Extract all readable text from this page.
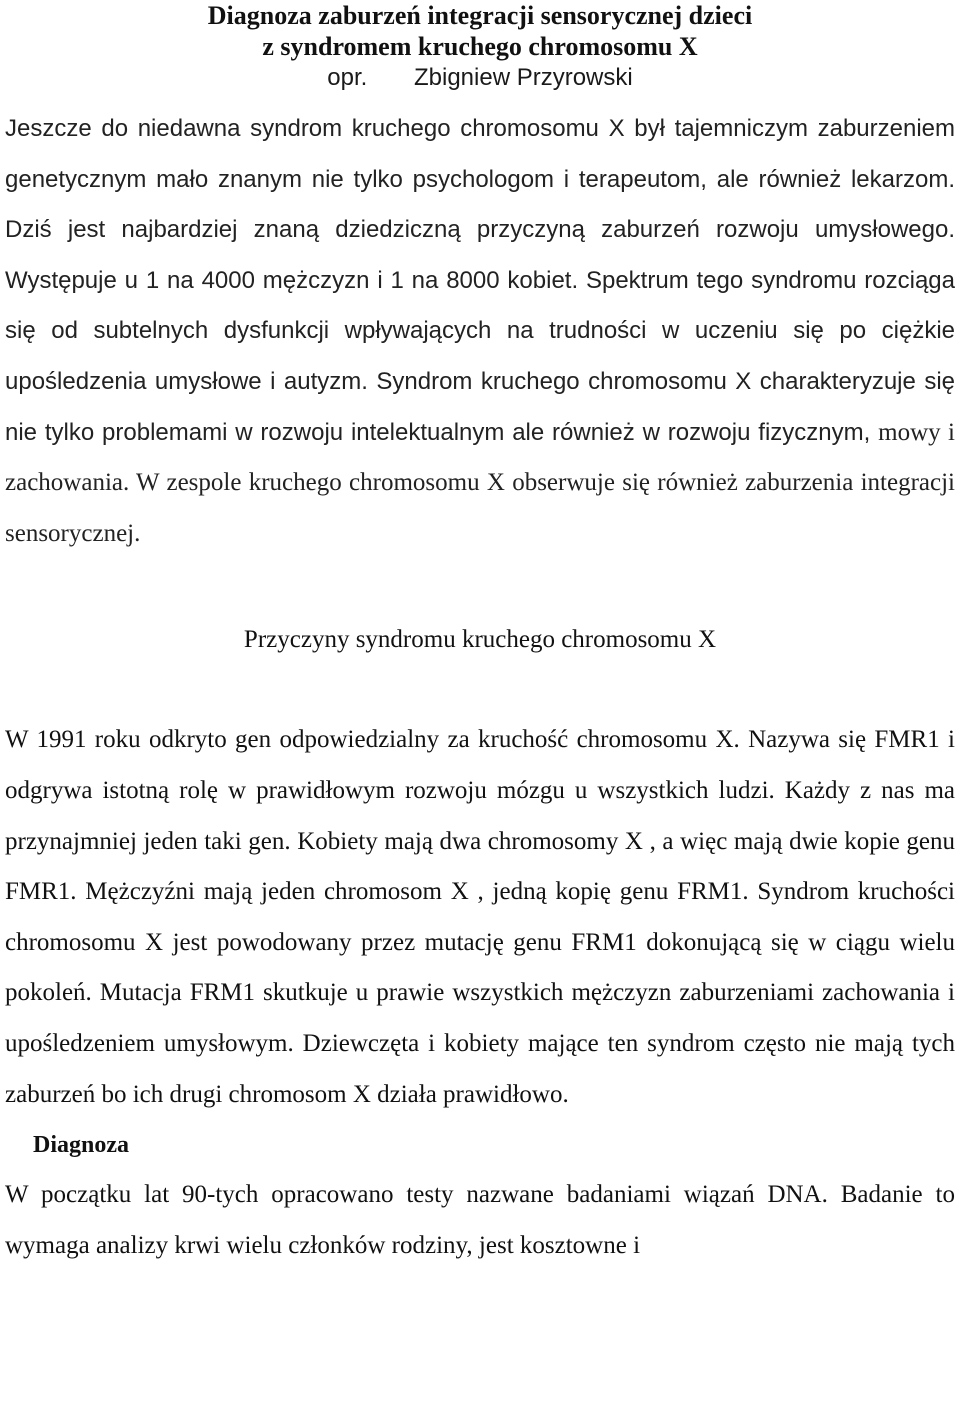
Diagnoza zaburzeń integracji sensorycznej dzieci
z syndromem kruchego chromosomu X
opr. Zbigniew Przyrowski

Jeszcze do niedawna syndrom kruchego chromosomu X był tajemniczym zaburzeniem genetycznym mało znanym nie tylko psychologom i terapeutom, ale również lekarzom. Dziś jest najbardziej znaną dziedziczną przyczyną zaburzeń rozwoju umysłowego. Występuje u 1 na 4000 mężczyzn i 1 na 8000 kobiet. Spektrum tego syndromu rozciąga się od subtelnych dysfunkcji wpływających na trudności w uczeniu się po ciężkie upośledzenia umysłowe i autyzm. Syndrom kruchego chromosomu X charakteryzuje się nie tylko problemami w rozwoju intelektualnym ale również w rozwoju fizycznym, mowy i zachowania. W zespole kruchego chromosomu X obserwuje się również zaburzenia integracji sensorycznej.

Przyczyny syndromu kruchego chromosomu X

W 1991 roku odkryto gen odpowiedzialny za kruchość chromosomu X. Nazywa się FMR1 i odgrywa istotną rolę w prawidłowym rozwoju mózgu u wszystkich ludzi. Każdy z nas ma przynajmniej jeden taki gen. Kobiety mają dwa chromosomy X , a więc mają dwie kopie genu FMR1. Mężczyźni mają jeden chromosom X , jedną kopię genu FRM1. Syndrom kruchości chromosomu X jest powodowany przez mutację genu FRM1 dokonującą się w ciągu wielu pokoleń. Mutacja FRM1 skutkuje u prawie wszystkich mężczyzn zaburzeniami zachowania i upośledzeniem umysłowym. Dziewczęta i kobiety mające ten syndrom często nie mają tych zaburzeń bo ich drugi chromosom X działa prawidłowo.

Diagnoza

W początku lat 90-tych opracowano testy nazwane badaniami wiązań DNA. Badanie to wymaga analizy krwi wielu członków rodziny, jest kosztowne i
